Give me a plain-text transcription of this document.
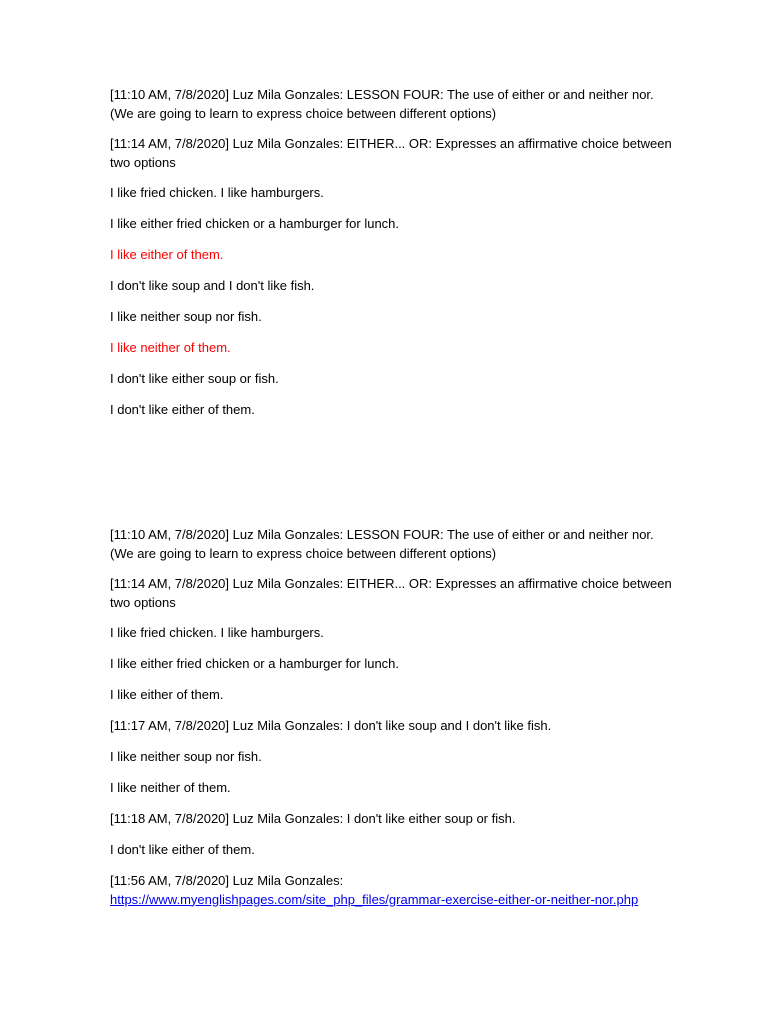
[11:10 AM, 7/8/2020] Luz Mila Gonzales: LESSON FOUR: The use of either or and neither nor. (We are going to learn to express choice between different options)

[11:14 AM, 7/8/2020] Luz Mila Gonzales: EITHER... OR: Expresses an affirmative choice between two options

I like fried chicken. I like hamburgers.

I like either fried chicken or a hamburger for lunch.

I like either of them.

I don't like soup and I don't like fish.

I like neither soup nor fish.

I like neither of them.

I don't like either soup or fish.

I don't like either of them.

[11:10 AM, 7/8/2020] Luz Mila Gonzales: LESSON FOUR: The use of either or and neither nor. (We are going to learn to express choice between different options)

[11:14 AM, 7/8/2020] Luz Mila Gonzales: EITHER... OR: Expresses an affirmative choice between two options

I like fried chicken. I like hamburgers.

I like either fried chicken or a hamburger for lunch.

I like either of them.

[11:17 AM, 7/8/2020] Luz Mila Gonzales: I don't like soup and I don't like fish.

I like neither soup nor fish.

I like neither of them.

[11:18 AM, 7/8/2020] Luz Mila Gonzales: I don't like either soup or fish.

I don't like either of them.

[11:56 AM, 7/8/2020] Luz Mila Gonzales:
https://www.myenglishpages.com/site_php_files/grammar-exercise-either-or-neither-nor.php
